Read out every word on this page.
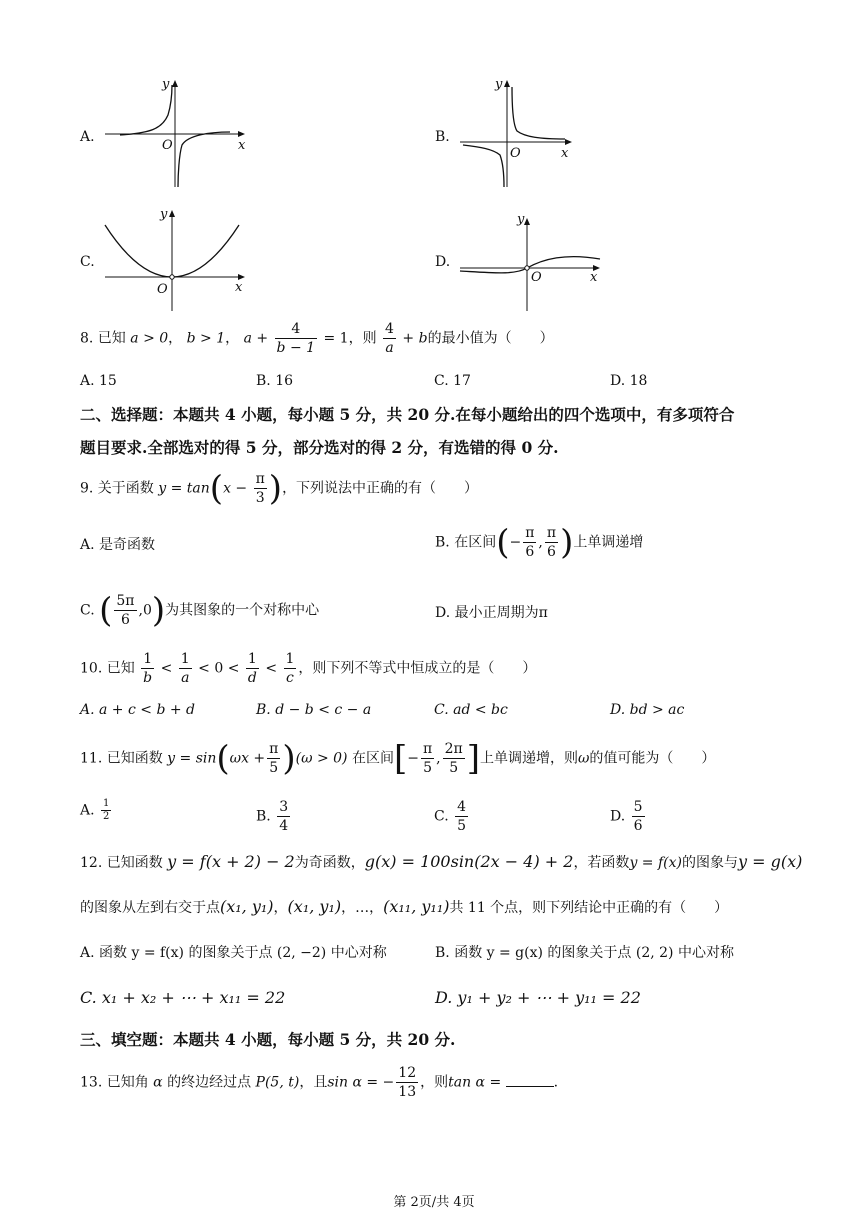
A.
y
O	x
B.
y
O	x
C.
y
O	x
D.
y
O	x
8. 已知 a > 0， b > 1， $a + \frac{4}{b - 1} = 1$，则 $\frac{4}{a} + b$的最小值为（　　）
A. 15	B. 16	C. 17	D. 18
二、选择题：本题共 4 小题，每小题 5 分，共 20 分.在每小题给出的四个选项中，有多项符合
题目要求.全部选对的得 5 分，部分选对的得 2 分，有选错的得 0 分.
9. 关于函数 $y = \tan(x - \frac{\pi}{3}$ )，下列说法中正确的有（　　）
A. 是奇函数	B. 在区间(− $\frac{\pi}{6}$ , $\frac{\pi}{6}$ )上单调递增
C. ( $\frac{5\pi}{6} ,0$)为其图象的一个对称中心	D. 最小正周期为π
10. 已知 $\frac{1}{b} < \frac{1}{a} < 0 < \frac{1}{d} < \frac{1}{c}$ ，则下列不等式中恒成立的是（　　）
A. a + c < b + d	B. d − b < c − a	C. ad < bc	D. bd > ac
11. 已知函数 $y = \sin(\omega x + \frac{\pi}{5} )(\omega > 0)$ 在区间[− $\frac{\pi}{5}$ , $\frac{2\pi}{5}$ ]上单调递增，则ω的值可能为（　　）
A. $\frac{1}{2}$	B. $\frac{3}{4}$	C. $\frac{4}{5}$	D. $\frac{5}{6}$
12. 已知函数 y = f(x + 2) − 2为奇函数，g(x) = 100sin(2x − 4) + 2，若函数y = f(x)的图象与y = g(x)
的图象从左到右交于点(x₁, y₁)，(x₁, y₁)，…，(x₁₁, y₁₁)共 11 个点，则下列结论中正确的有（　　）
A. 函数 y = f(x) 的图象关于点 (2, −2) 中心对称	B. 函数 y = g(x) 的图象关于点 (2, 2) 中心对称
C. x₁ + x₂ + ⋯ + x₁₁ = 22	D. y₁ + y₂ + ⋯ + y₁₁ = 22
三、填空题：本题共 4 小题，每小题 5 分，共 20 分.
13. 已知角 α 的终边经过点 P(5, t)，且sin α = − $\frac{12}{13}$ ，则tan α =	.
第 2页/共 4页
